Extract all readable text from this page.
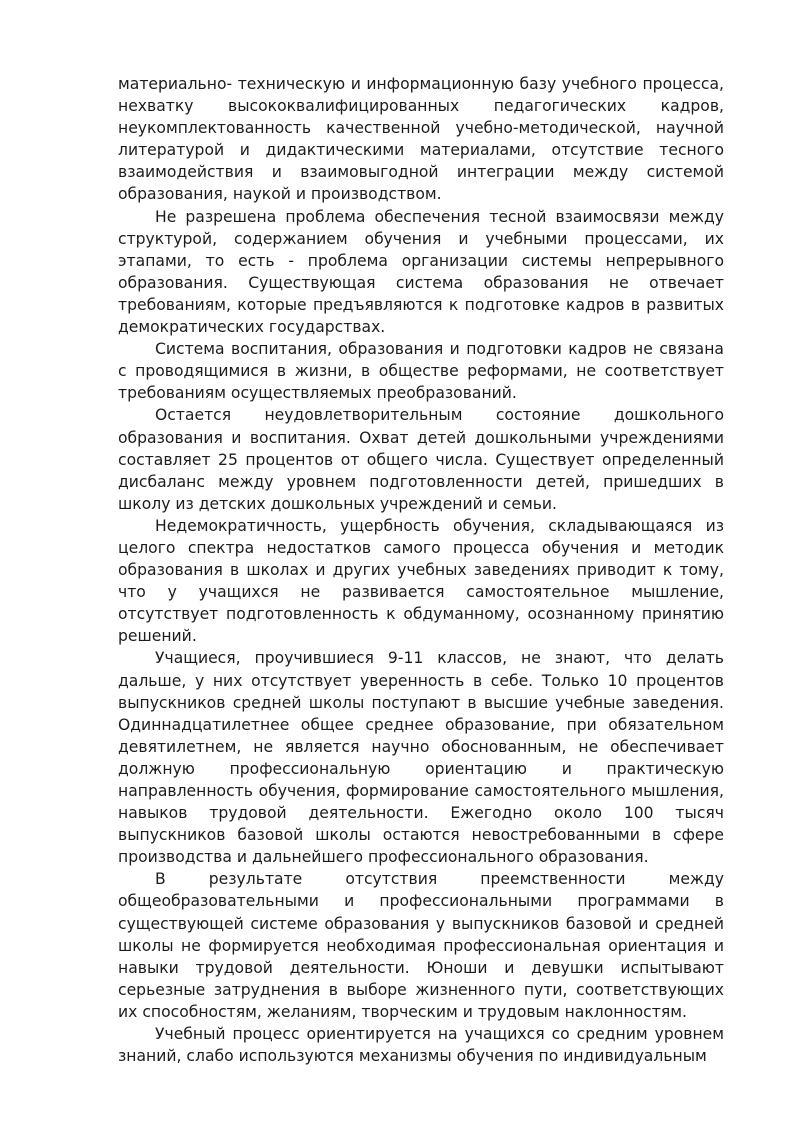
материально- техническую и информационную базу учебного процесса, нехватку высококвалифицированных педагогических кадров, неукомплектованность качественной учебно-методической, научной литературой и дидактическими материалами, отсутствие тесного взаимодействия и взаимовыгодной интеграции между системой образования, наукой и производством.

Не разрешена проблема обеспечения тесной взаимосвязи между структурой, содержанием обучения и учебными процессами, их этапами, то есть - проблема организации системы непрерывного образования. Существующая система образования не отвечает требованиям, которые предъявляются к подготовке кадров в развитых демократических государствах.

Система воспитания, образования и подготовки кадров не связана с проводящимися в жизни, в обществе реформами, не соответствует требованиям осуществляемых преобразований.

Остается неудовлетворительным состояние дошкольного образования и воспитания. Охват детей дошкольными учреждениями составляет 25 процентов от общего числа. Существует определенный дисбаланс между уровнем подготовленности детей, пришедших в школу из детских дошкольных учреждений и семьи.

Недемократичность, ущербность обучения, складывающаяся из целого спектра недостатков самого процесса обучения и методик образования в школах и других учебных заведениях приводит к тому, что у учащихся не развивается самостоятельное мышление, отсутствует подготовленность к обдуманному, осознанному принятию решений.

Учащиеся, проучившиеся 9-11 классов, не знают, что делать дальше, у них отсутствует уверенность в себе. Только 10 процентов выпускников средней школы поступают в высшие учебные заведения. Одиннадцатилетнее общее среднее образование, при обязательном девятилетнем, не является научно обоснованным, не обеспечивает должную профессиональную ориентацию и практическую направленность обучения, формирование самостоятельного мышления, навыков трудовой деятельности. Ежегодно около 100 тысяч выпускников базовой школы остаются невостребованными в сфере производства и дальнейшего профессионального образования.

В результате отсутствия преемственности между общеобразовательными и профессиональными программами в существующей системе образования у выпускников базовой и средней школы не формируется необходимая профессиональная ориентация и навыки трудовой деятельности. Юноши и девушки испытывают серьезные затруднения в выборе жизненного пути, соответствующих их способностям, желаниям, творческим и трудовым наклонностям.

Учебный процесс ориентируется на учащихся со средним уровнем знаний, слабо используются механизмы обучения по индивидуальным
